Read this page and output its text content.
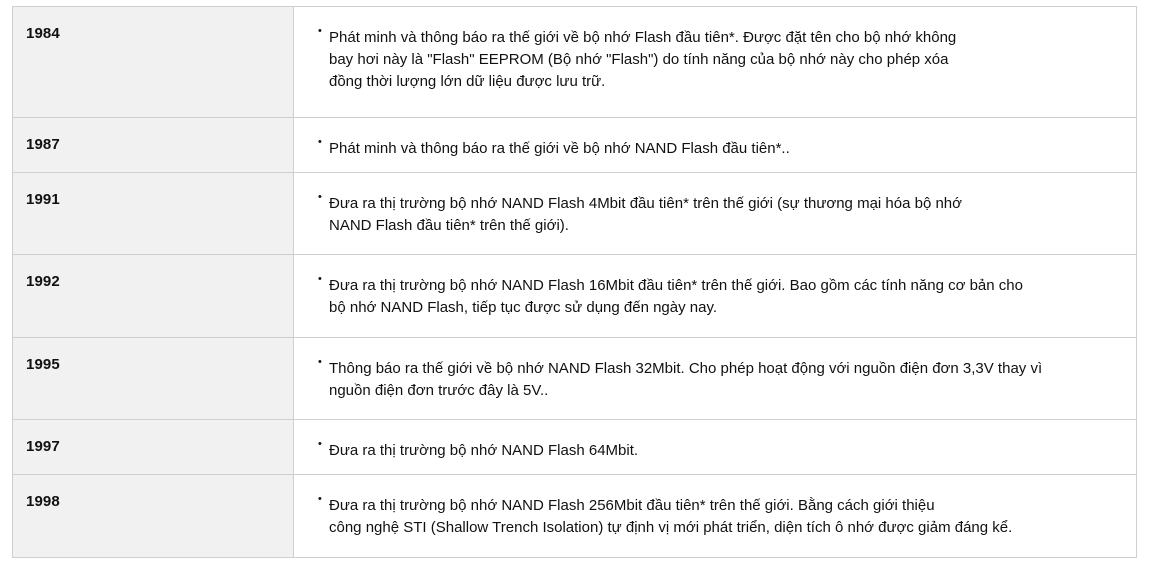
1984	• Phát minh và thông báo ra thế giới về bộ nhớ Flash đầu tiên*. Được đặt tên cho bộ nhớ không
bay hơi này là "Flash" EEPROM (Bộ nhớ "Flash") do tính năng của bộ nhớ này cho phép xóa
đồng thời lượng lớn dữ liệu được lưu trữ.

1987	• Phát minh và thông báo ra thế giới về bộ nhớ NAND Flash đầu tiên*..

1991	• Đưa ra thị trường bộ nhớ NAND Flash 4Mbit đầu tiên* trên thế giới (sự thương mại hóa bộ nhớ
NAND Flash đầu tiên* trên thế giới).

1992	• Đưa ra thị trường bộ nhớ NAND Flash 16Mbit đầu tiên* trên thế giới. Bao gồm các tính năng cơ bản cho
bộ nhớ NAND Flash, tiếp tục được sử dụng đến ngày nay.

1995	• Thông báo ra thế giới về bộ nhớ NAND Flash 32Mbit. Cho phép hoạt động với nguồn điện đơn 3,3V thay vì
nguồn điện đơn trước đây là 5V..

1997	• Đưa ra thị trường bộ nhớ NAND Flash 64Mbit.

1998	• Đưa ra thị trường bộ nhớ NAND Flash 256Mbit đầu tiên* trên thế giới. Bằng cách giới thiệu
công nghệ STI (Shallow Trench Isolation) tự định vị mới phát triển, diện tích ô nhớ được giảm đáng kể.
